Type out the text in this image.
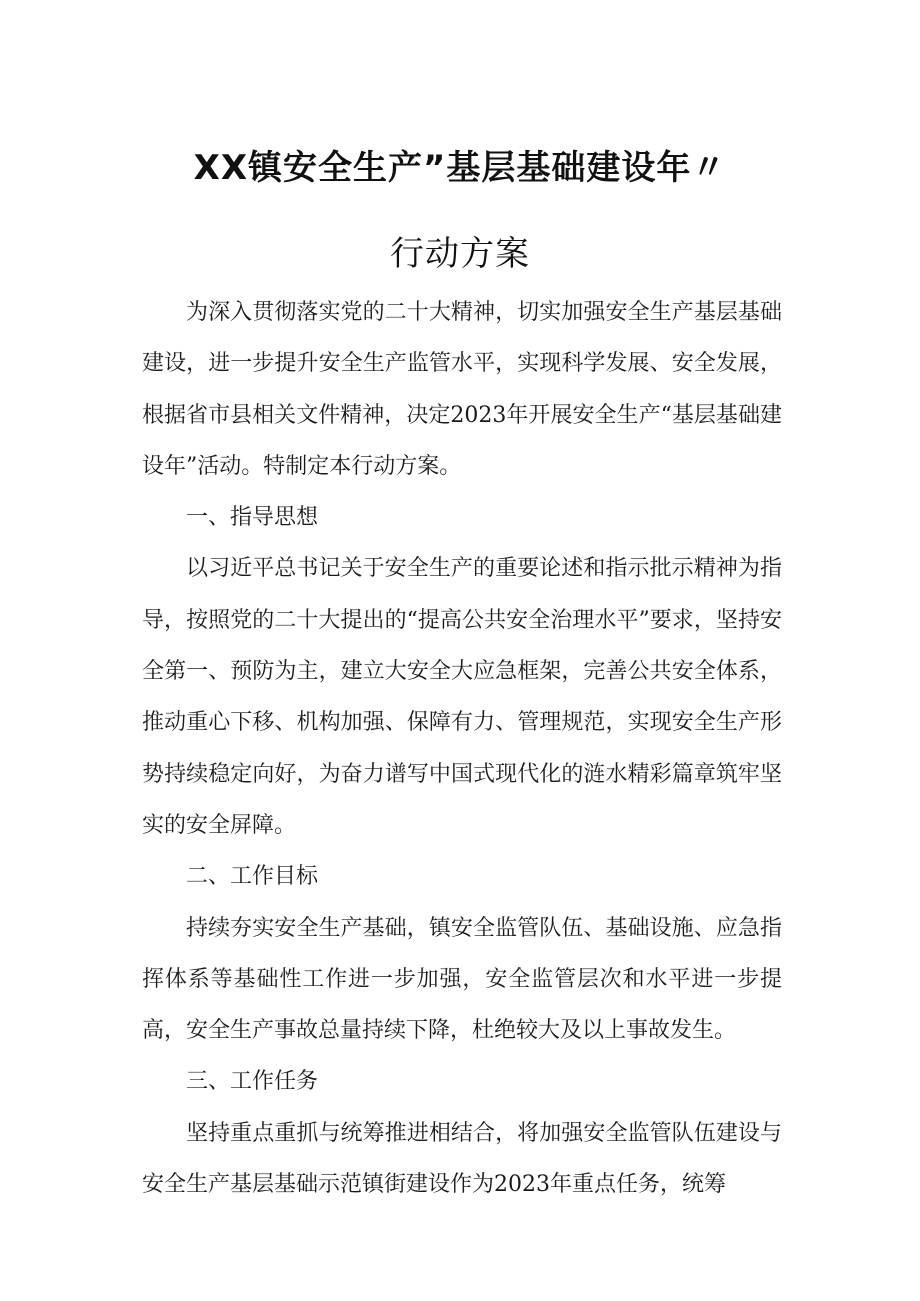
XX镇安全生产”基层基础建设年〃
行动方案

为深入贯彻落实党的二十大精神，切实加强安全生产基层基础建设，进一步提升安全生产监管水平，实现科学发展、安全发展，根据省市县相关文件精神，决定2023年开展安全生产“基层基础建设年”活动。特制定本行动方案。

一、指导思想

以习近平总书记关于安全生产的重要论述和指示批示精神为指导，按照党的二十大提出的“提高公共安全治理水平”要求，坚持安全第一、预防为主，建立大安全大应急框架，完善公共安全体系，推动重心下移、机构加强、保障有力、管理规范，实现安全生产形势持续稳定向好，为奋力谱写中国式现代化的涟水精彩篇章筑牢坚实的安全屏障。

二、工作目标

持续夯实安全生产基础，镇安全监管队伍、基础设施、应急指挥体系等基础性工作进一步加强，安全监管层次和水平进一步提高，安全生产事故总量持续下降，杜绝较大及以上事故发生。

三、工作任务

坚持重点重抓与统筹推进相结合，将加强安全监管队伍建设与安全生产基层基础示范镇街建设作为2023年重点任务，统筹
